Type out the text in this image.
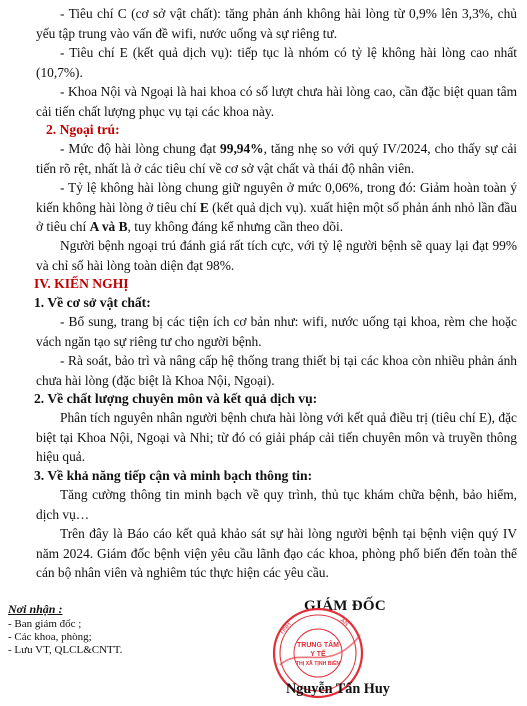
- Tiêu chí C (cơ sở vật chất): tăng phản ánh không hài lòng từ 0,9% lên 3,3%, chủ yếu tập trung vào vấn đề wifi, nước uống và sự riêng tư.

- Tiêu chí E (kết quả dịch vụ): tiếp tục là nhóm có tỷ lệ không hài lòng cao nhất (10,7%).

- Khoa Nội và Ngoại là hai khoa có số lượt chưa hài lòng cao, cần đặc biệt quan tâm cải tiến chất lượng phục vụ tại các khoa này.

2. Ngoại trú:

- Mức độ hài lòng chung đạt 99,94%, tăng nhẹ so với quý IV/2024, cho thấy sự cải tiến rõ rệt, nhất là ở các tiêu chí về cơ sở vật chất và thái độ nhân viên.

- Tỷ lệ không hài lòng chung giữ nguyên ở mức 0,06%, trong đó: Giảm hoàn toàn ý kiến không hài lòng ở tiêu chí E (kết quả dịch vụ). xuất hiện một số phản ánh nhỏ lần đầu ở tiêu chí A và B, tuy không đáng kể nhưng cần theo dõi.

Người bệnh ngoại trú đánh giá rất tích cực, với tỷ lệ người bệnh sẽ quay lại đạt 99% và chỉ số hài lòng toàn diện đạt 98%.

IV. KIẾN NGHỊ

1. Về cơ sở vật chất:

- Bổ sung, trang bị các tiện ích cơ bản như: wifi, nước uống tại khoa, rèm che hoặc vách ngăn tạo sự riêng tư cho người bệnh.

- Rà soát, bảo trì và nâng cấp hệ thống trang thiết bị tại các khoa còn nhiều phản ánh chưa hài lòng (đặc biệt là Khoa Nội, Ngoại).

2. Về chất lượng chuyên môn và kết quả dịch vụ:

Phân tích nguyên nhân người bệnh chưa hài lòng với kết quả điều trị (tiêu chí E), đặc biệt tại Khoa Nội, Ngoại và Nhi; từ đó có giải pháp cải tiến chuyên môn và truyền thông hiệu quả.

3. Về khả năng tiếp cận và minh bạch thông tin:

Tăng cường thông tin minh bạch về quy trình, thủ tục khám chữa bệnh, bảo hiểm, dịch vụ…

Trên đây là Báo cáo kết quả khảo sát sự hài lòng người bệnh tại bệnh viện quý IV năm 2024. Giám đốc bệnh viện yêu cầu lãnh đạo các khoa, phòng phổ biến đến toàn thể cán bộ nhân viên và nghiêm túc thực hiện các yêu cầu.

Nơi nhận :
- Ban giám đốc ;
- Các khoa, phòng;
- Lưu VT, QLCL&CNTT.
GIÁM ĐỐC
TRUNG TÂM
Y TẾ
THỊ XÃ TỊNH BIÊN
TỈNH	AN
Nguyễn Tấn Huy
